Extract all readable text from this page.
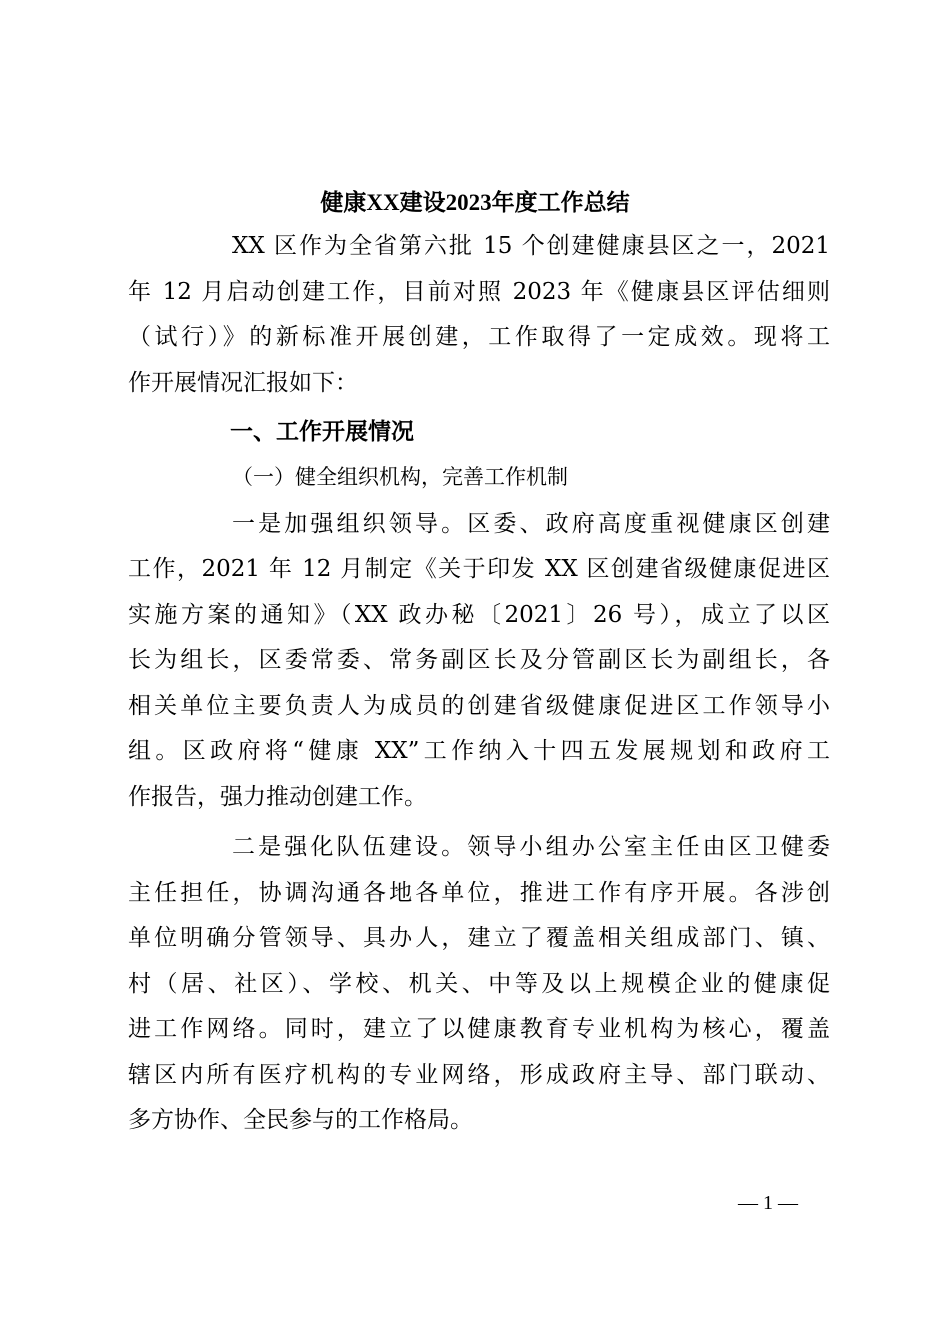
健康XX建设2023年度工作总结
XX 区作为全省第六批 15 个创建健康县区之一，2021
年 12 月启动创建工作，目前对照 2023 年《健康县区评估细则
（试行）》的新标准开展创建，工作取得了一定成效。现将工
作开展情况汇报如下：
一、工作开展情况
（一）健全组织机构，完善工作机制
一是加强组织领导。区委、政府高度重视健康区创建
工作，2021 年 12 月制定《关于印发 XX 区创建省级健康促进区
实施方案的通知》（XX 政办秘〔2021〕26 号），成立了以区
长为组长，区委常委、常务副区长及分管副区长为副组长，各
相关单位主要负责人为成员的创建省级健康促进区工作领导小
组。区政府将“健康 XX”工作纳入十四五发展规划和政府工
作报告，强力推动创建工作。
二是强化队伍建设。领导小组办公室主任由区卫健委
主任担任，协调沟通各地各单位，推进工作有序开展。各涉创
单位明确分管领导、具办人，建立了覆盖相关组成部门、镇、
村（居、社区）、学校、机关、中等及以上规模企业的健康促
进工作网络。同时，建立了以健康教育专业机构为核心，覆盖
辖区内所有医疗机构的专业网络，形成政府主导、部门联动、
多方协作、全民参与的工作格局。
— 1 —
